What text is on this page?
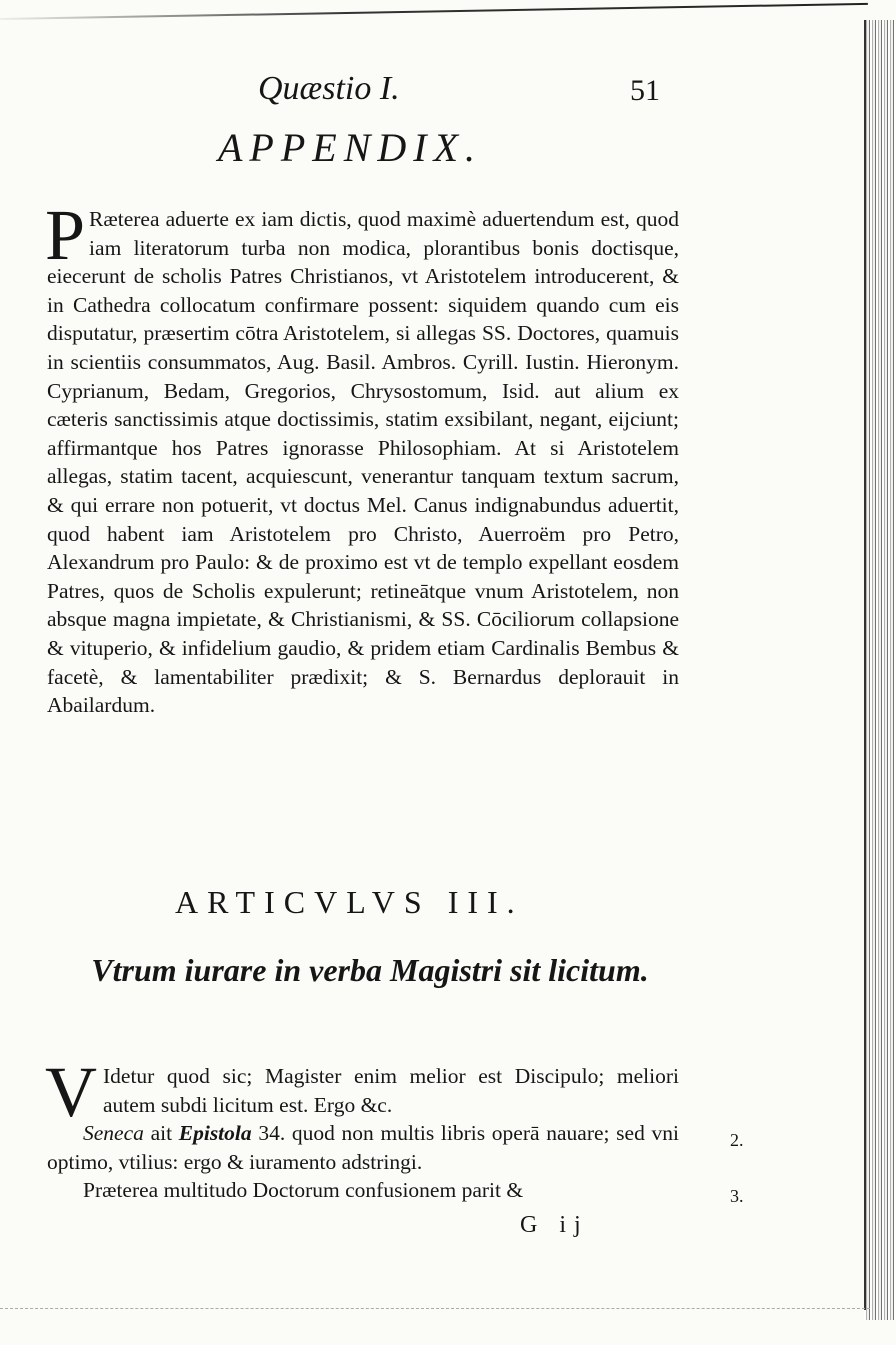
Quæstio I.	51
APPENDIX.
P Ræterea aduerte ex iam dictis, quod maximè aduertendum est, quod iam literatorum turba non modica, plorantibus bonis doctisque, eiecerunt de scholis Patres Christianos, vt Aristotelem introducerent, & in Cathedra collocatum confirmare possent: siquidem quando cum eis disputatur, præsertim cōtra Aristotelem, si allegas SS. Doctores, quamuis in scientiis consummatos, Aug. Basil. Ambros. Cyrill. Iustin. Hieronym. Cyprianum, Bedam, Gregorios, Chrysostomum, Isid. aut alium ex cæteris sanctissimis atque doctissimis, statim exsibilant, negant, eijciunt; affirmantque hos Patres ignorasse Philosophiam. At si Aristotelem allegas, statim tacent, acquiescunt, venerantur tanquam textum sacrum, & qui errare non potuerit, vt doctus Mel. Canus indignabundus aduertit, quod habent iam Aristotelem pro Christo, Auerroëm pro Petro, Alexandrum pro Paulo: & de proximo est vt de templo expellant eosdem Patres, quos de Scholis expulerunt; retineātque vnum Aristotelem, non absque magna impietate, & Christianismi, & SS. Cōciliorum collapsione & vituperio, & infidelium gaudio, & pridem etiam Cardinalis Bembus & facetè, & lamentabiliter prædixit; & S. Bernardus deplorauit in Abailardum.
ARTICVLVS III.
Vtrum iurare in verba Magistri sit licitum.
V Idetur quod sic; Magister enim melior est Discipulo; meliori autem subdi licitum est. Ergo &c.
Seneca ait Epistola 34. quod non multis libris operā nauare; sed vni optimo, vtilius: ergo & iuramento adstringi.
Præterea multitudo Doctorum confusionem parit &
G ij
2.
3.
